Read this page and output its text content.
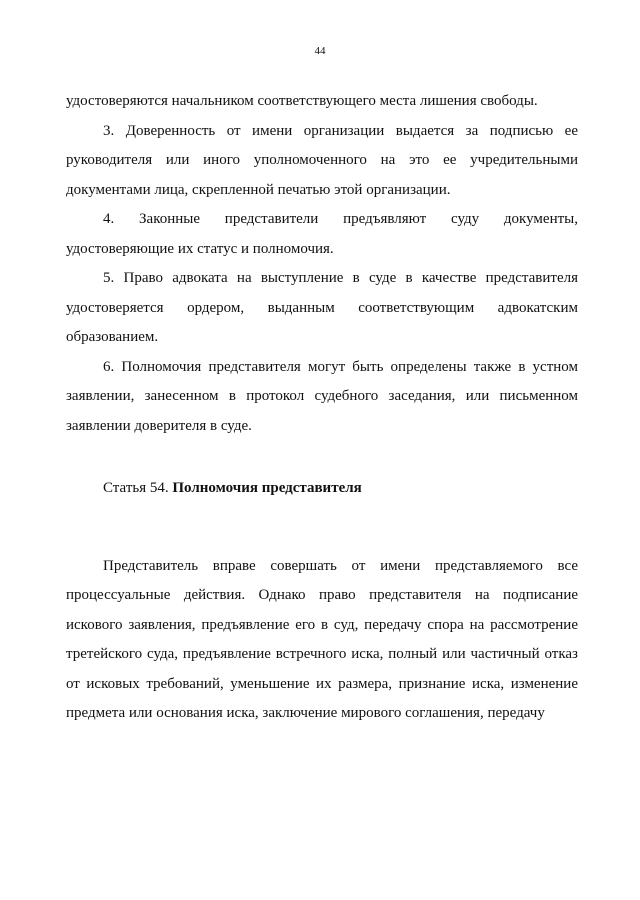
44

удостоверяются начальником соответствующего места лишения свободы.

3. Доверенность от имени организации выдается за подписью ее руководителя или иного уполномоченного на это ее учредительными документами лица, скрепленной печатью этой организации.

4. Законные представители предъявляют суду документы, удостоверяющие их статус и полномочия.

5. Право адвоката на выступление в суде в качестве представителя удостоверяется ордером, выданным соответствующим адвокатским образованием.

6. Полномочия представителя могут быть определены также в устном заявлении, занесенном в протокол судебного заседания, или письменном заявлении доверителя в суде.

Статья 54. Полномочия представителя

Представитель вправе совершать от имени представляемого все процессуальные действия. Однако право представителя на подписание искового заявления, предъявление его в суд, передачу спора на рассмотрение третейского суда, предъявление встречного иска, полный или частичный отказ от исковых требований, уменьшение их размера, признание иска, изменение предмета или основания иска, заключение мирового соглашения, передачу
